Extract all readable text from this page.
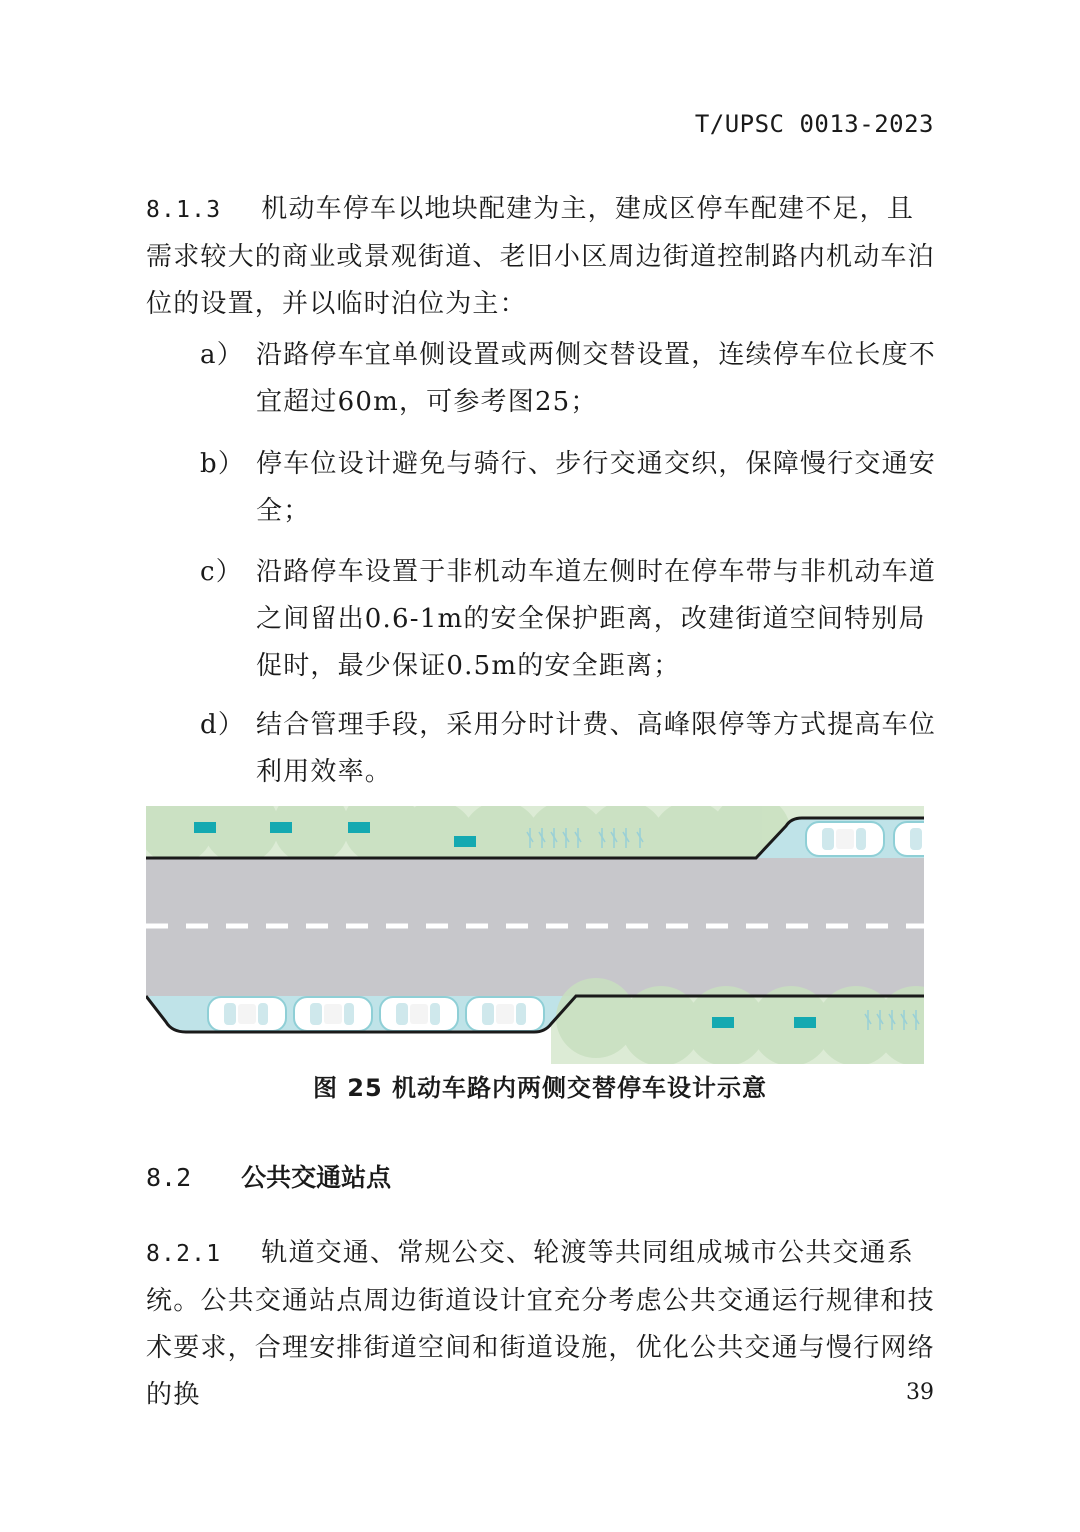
T/UPSC 0013-2023
8.1.3 机动车停车以地块配建为主，建成区停车配建不足，且需求较大的商业或景观街道、老旧小区周边街道控制路内机动车泊位的设置，并以临时泊位为主：
a） 沿路停车宜单侧设置或两侧交替设置，连续停车位长度不宜超过60m，可参考图25；
b） 停车位设计避免与骑行、步行交通交织，保障慢行交通安全；
c） 沿路停车设置于非机动车道左侧时在停车带与非机动车道之间留出0.6-1m的安全保护距离，改建街道空间特别局促时，最少保证0.5m的安全距离；
d） 结合管理手段，采用分时计费、高峰限停等方式提高车位利用效率。
图 25 机动车路内两侧交替停车设计示意
8.2 公共交通站点
8.2.1 轨道交通、常规公交、轮渡等共同组成城市公共交通系统。公共交通站点周边街道设计宜充分考虑公共交通运行规律和技术要求，合理安排街道空间和街道设施，优化公共交通与慢行网络的换	39
